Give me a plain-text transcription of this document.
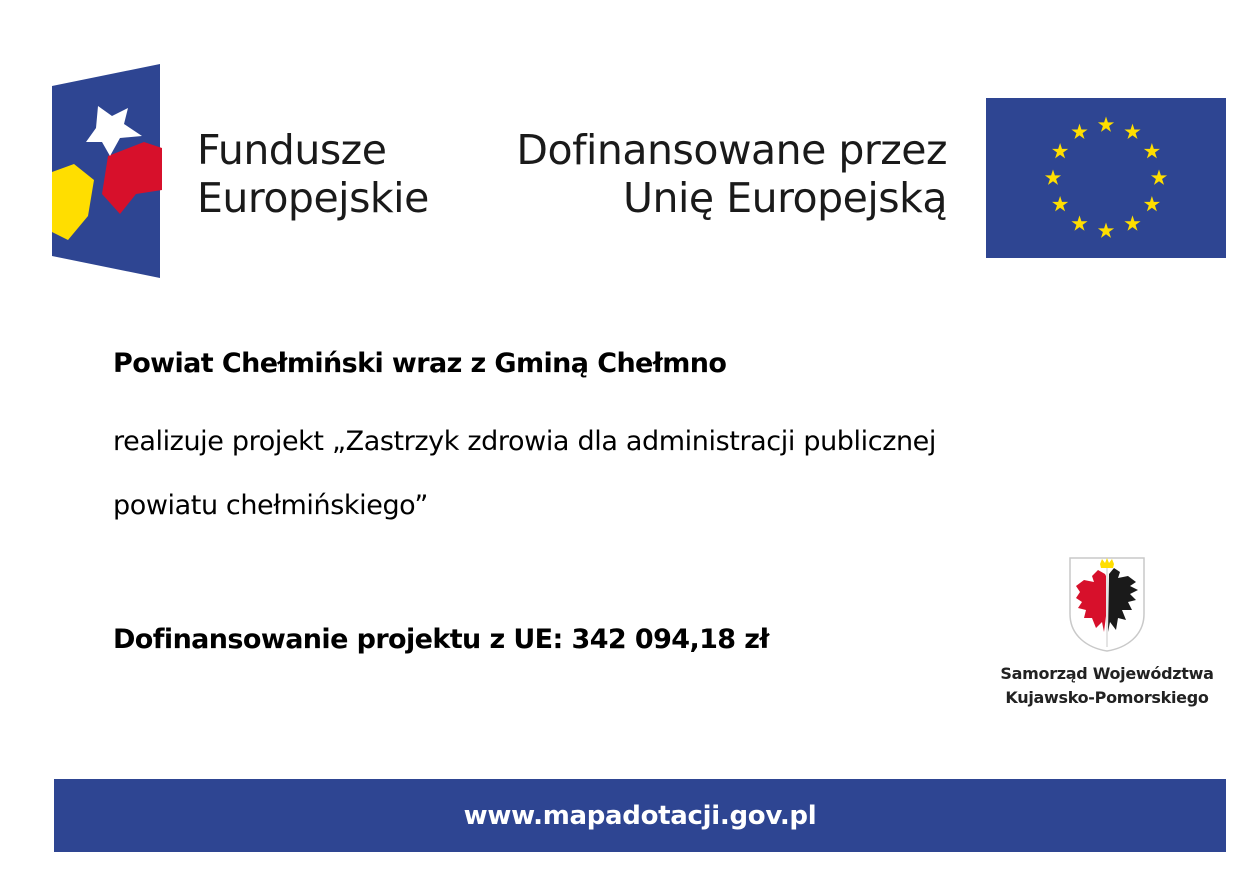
Fundusze
Europejskie
Dofinansowane przez
Unię Europejską
Powiat Chełmiński wraz z Gminą Chełmno
realizuje projekt „Zastrzyk zdrowia dla administracji publicznej powiatu chełmińskiego”
Dofinansowanie projektu z UE: 342 094,18 zł
Samorząd Województwa
Kujawsko-Pomorskiego
www.mapadotacji.gov.pl
